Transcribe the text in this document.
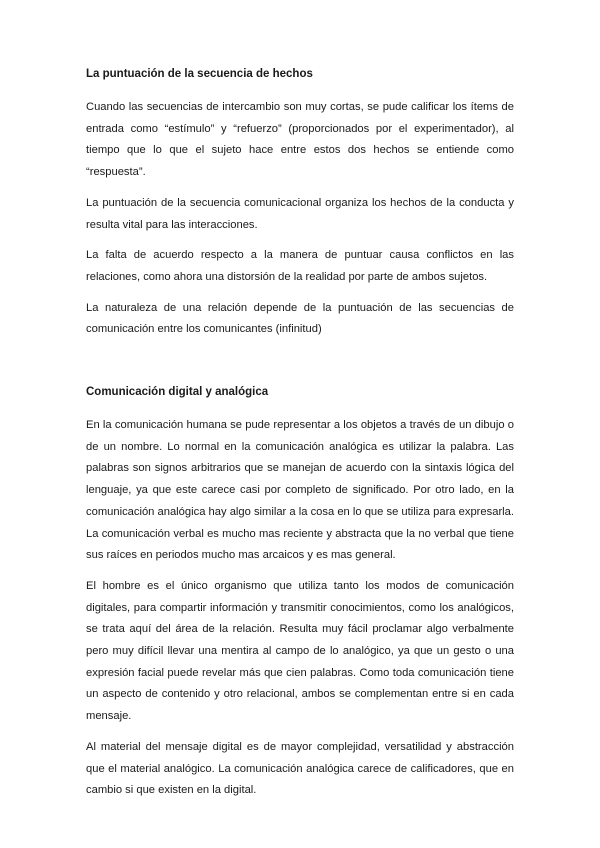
La puntuación de la secuencia de hechos

Cuando las secuencias de intercambio son muy cortas, se pude calificar los ítems de entrada como “estímulo” y “refuerzo” (proporcionados por el experimentador), al tiempo que lo que el sujeto hace entre estos dos hechos se entiende como “respuesta”.

La puntuación de la secuencia comunicacional organiza los hechos de la conducta y resulta vital para las interacciones.

La falta de acuerdo respecto a la manera de puntuar causa conflictos en las relaciones, como ahora una distorsión de la realidad por parte de ambos sujetos.

La naturaleza de una relación depende de la puntuación de las secuencias de comunicación entre los comunicantes (infinitud)

Comunicación digital y analógica

En la comunicación humana se pude representar a los objetos a través de un dibujo o de un nombre. Lo normal en la comunicación analógica es utilizar la palabra. Las palabras son signos arbitrarios que se manejan de acuerdo con la sintaxis lógica del lenguaje, ya que este carece casi por completo de significado. Por otro lado, en la comunicación analógica hay algo similar a la cosa en lo que se utiliza para expresarla. La comunicación verbal es mucho mas reciente y abstracta que la no verbal que tiene sus raíces en periodos mucho mas arcaicos y es mas general.

El hombre es el único organismo que utiliza tanto los modos de comunicación digitales, para compartir información y transmitir conocimientos, como los analógicos, se trata aquí del área de la relación. Resulta muy fácil proclamar algo verbalmente pero muy difícil llevar una mentira al campo de lo analógico, ya que un gesto o una expresión facial puede revelar más que cien palabras. Como toda comunicación tiene un aspecto de contenido y otro relacional, ambos se complementan entre si en cada mensaje.

Al material del mensaje digital es de mayor complejidad, versatilidad y abstracción que el material analógico. La comunicación analógica carece de calificadores, que en cambio si que existen en la digital.
